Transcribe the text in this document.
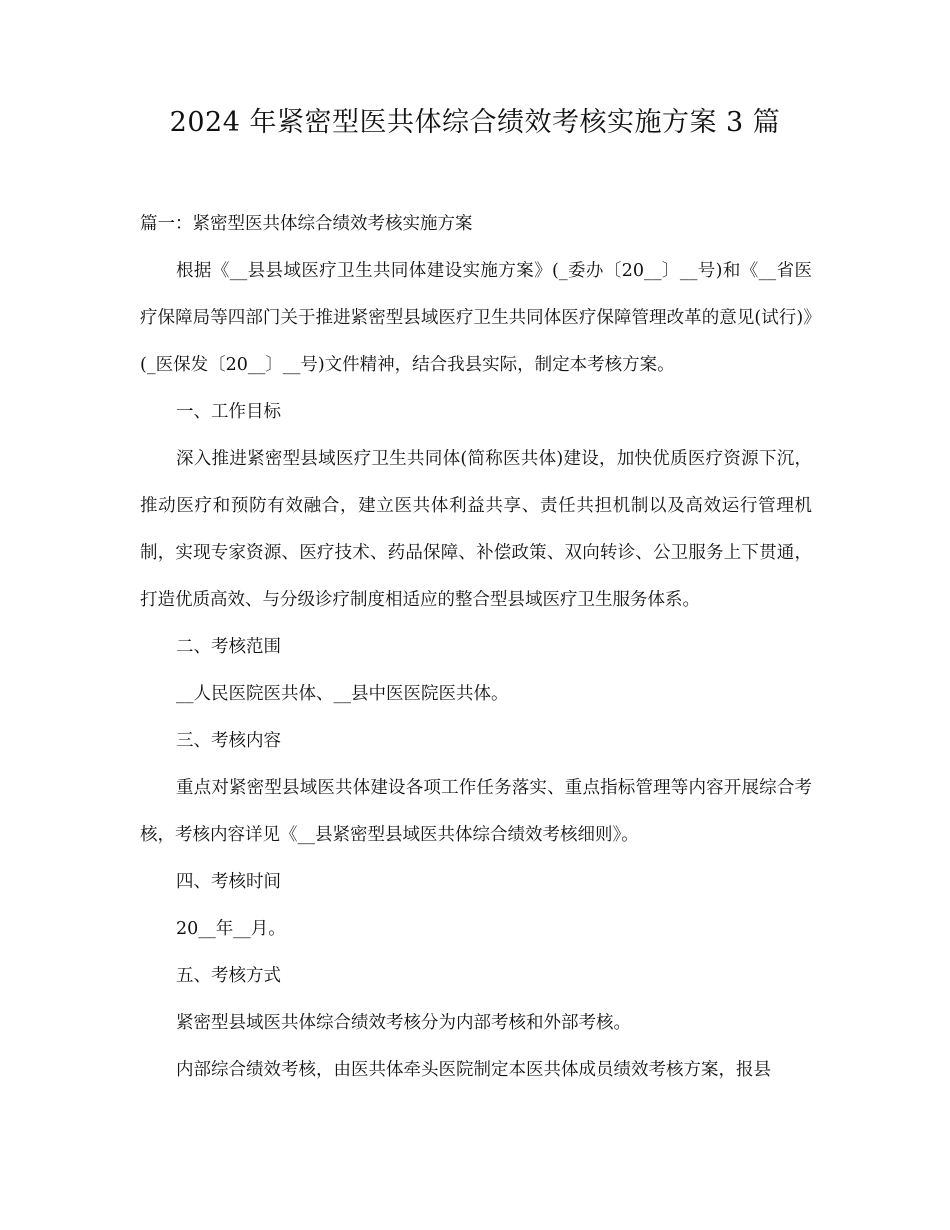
2024 年紧密型医共体综合绩效考核实施方案 3 篇

篇一：紧密型医共体综合绩效考核实施方案

根据《__县县域医疗卫生共同体建设实施方案》(_委办〔20__〕__号)和《__省医疗保障局等四部门关于推进紧密型县域医疗卫生共同体医疗保障管理改革的意见(试行)》(_医保发〔20__〕__号)文件精神，结合我县实际，制定本考核方案。

一、工作目标

深入推进紧密型县域医疗卫生共同体(简称医共体)建设，加快优质医疗资源下沉，推动医疗和预防有效融合，建立医共体利益共享、责任共担机制以及高效运行管理机制，实现专家资源、医疗技术、药品保障、补偿政策、双向转诊、公卫服务上下贯通，打造优质高效、与分级诊疗制度相适应的整合型县域医疗卫生服务体系。

二、考核范围

__人民医院医共体、__县中医医院医共体。

三、考核内容

重点对紧密型县域医共体建设各项工作任务落实、重点指标管理等内容开展综合考核，考核内容详见《__县紧密型县域医共体综合绩效考核细则》。

四、考核时间

20__年__月。

五、考核方式

紧密型县域医共体综合绩效考核分为内部考核和外部考核。

内部综合绩效考核，由医共体牵头医院制定本医共体成员绩效考核方案，报县
